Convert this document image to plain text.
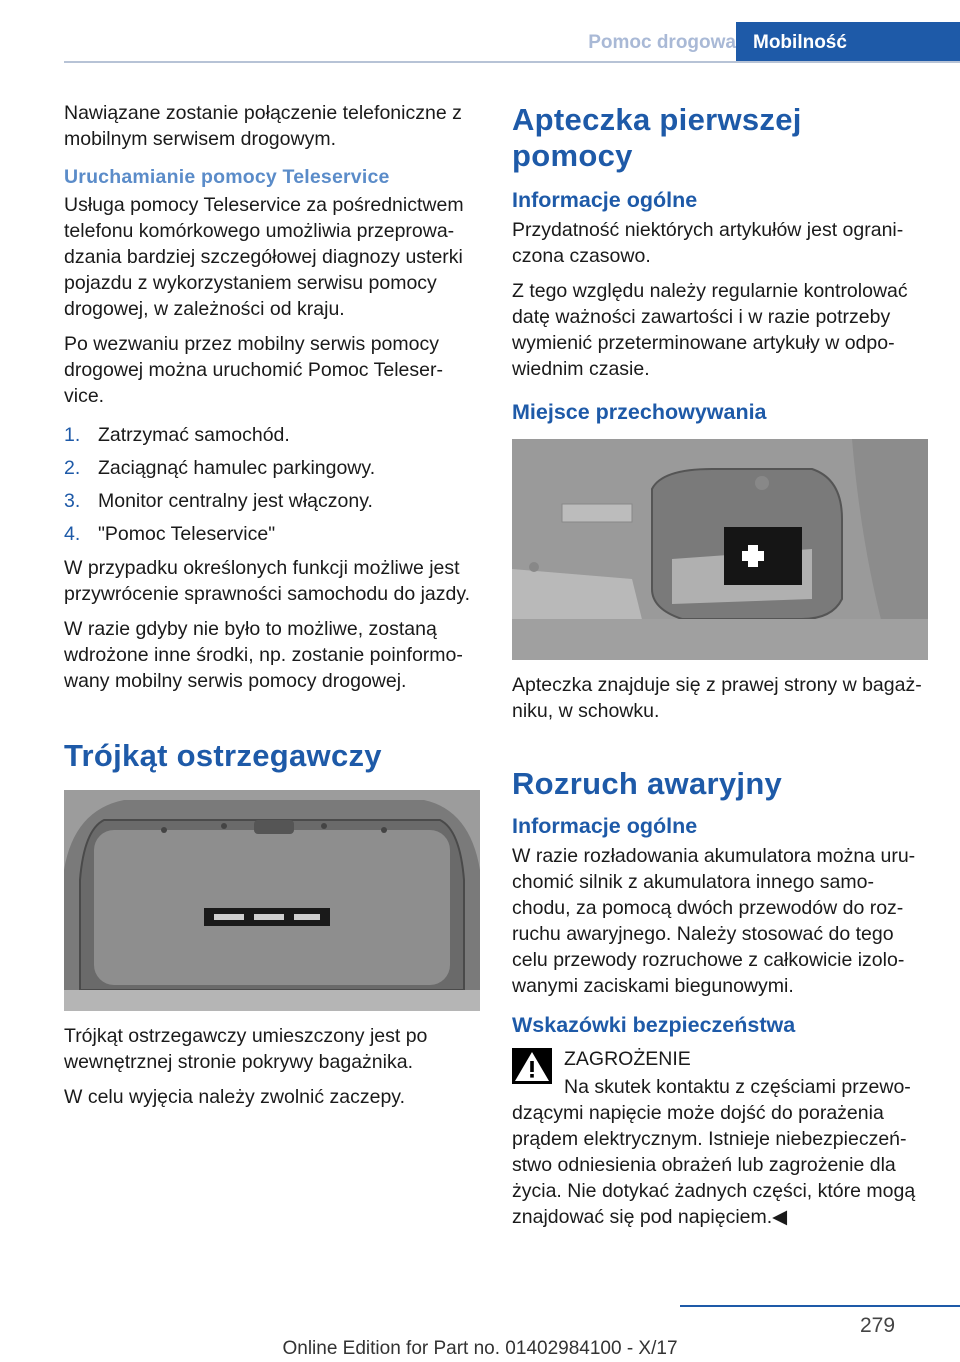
Pomoc drogowa Mobilność

Nawiązane zostanie połączenie telefoniczne z mobilnym serwisem drogowym.

Uruchamianie pomocy Teleservice

Usługa pomocy Teleservice za pośrednictwem telefonu komórkowego umożliwia przeprowa‐dzania bardziej szczegółowej diagnozy usterki pojazdu z wykorzystaniem serwisu pomocy drogowej, w zależności od kraju.

Po wezwaniu przez mobilny serwis pomocy drogowej można uruchomić Pomoc Teleser‐vice.

1. Zatrzymać samochód.
2. Zaciągnąć hamulec parkingowy.
3. Monitor centralny jest włączony.
4. "Pomoc Teleservice"

W przypadku określonych funkcji możliwe jest przywrócenie sprawności samochodu do jazdy.

W razie gdyby nie było to możliwe, zostaną wdrożone inne środki, np. zostanie poinformo‐wany mobilny serwis pomocy drogowej.

Trójkąt ostrzegawczy

Trójkąt ostrzegawczy umieszczony jest po wewnętrznej stronie pokrywy bagażnika.

W celu wyjęcia należy zwolnić zaczepy.

Apteczka pierwszej pomocy
Informacje ogólne

Przydatność niektórych artykułów jest ograni‐czona czasowo.

Z tego względu należy regularnie kontrolować datę ważności zawartości i w razie potrzeby wymienić przeterminowane artykuły w odpo‐wiednim czasie.

Miejsce przechowywania

Apteczka znajduje się z prawej strony w bagaż‐niku, w schowku.

Rozruch awaryjny
Informacje ogólne

W razie rozładowania akumulatora można uru‐chomić silnik z akumulatora innego samo‐chodu, za pomocą dwóch przewodów do roz‐ruchu awaryjnego. Należy stosować do tego celu przewody rozruchowe z całkowicie izolo‐wanymi zaciskami biegunowymi.

Wskazówki bezpieczeństwa

ZAGROŻENIE

Na skutek kontaktu z częściami przewo‐dzącymi napięcie może dojść do porażenia prądem elektrycznym. Istnieje niebezpieczeń‐stwo odniesienia obrażeń lub zagrożenie dla życia. Nie dotykać żadnych części, które mogą znajdować się pod napięciem.◀

279
Online Edition for Part no. 01402984100 - X/17
